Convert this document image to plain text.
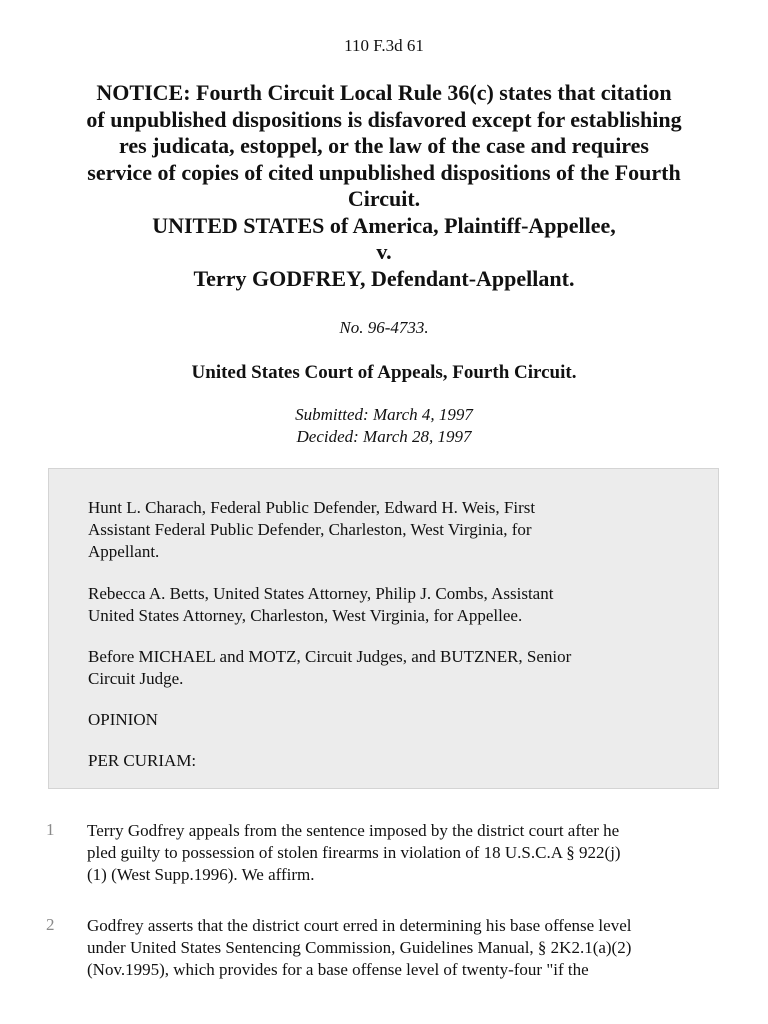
110 F.3d 61
NOTICE: Fourth Circuit Local Rule 36(c) states that citation
of unpublished dispositions is disfavored except for establishing
res judicata, estoppel, or the law of the case and requires
service of copies of cited unpublished dispositions of the Fourth
Circuit.
UNITED STATES of America, Plaintiff-Appellee,
v.
Terry GODFREY, Defendant-Appellant.
No. 96-4733.
United States Court of Appeals, Fourth Circuit.
Submitted: March 4, 1997
Decided: March 28, 1997
Hunt L. Charach, Federal Public Defender, Edward H. Weis, First
Assistant Federal Public Defender, Charleston, West Virginia, for
Appellant.
Rebecca A. Betts, United States Attorney, Philip J. Combs, Assistant
United States Attorney, Charleston, West Virginia, for Appellee.
Before MICHAEL and MOTZ, Circuit Judges, and BUTZNER, Senior
Circuit Judge.
OPINION
PER CURIAM:
1 Terry Godfrey appeals from the sentence imposed by the district court after he
pled guilty to possession of stolen firearms in violation of 18 U.S.C.A § 922(j)
(1) (West Supp.1996). We affirm.
2 Godfrey asserts that the district court erred in determining his base offense level
under United States Sentencing Commission, Guidelines Manual, § 2K2.1(a)(2)
(Nov.1995), which provides for a base offense level of twenty-four "if the
